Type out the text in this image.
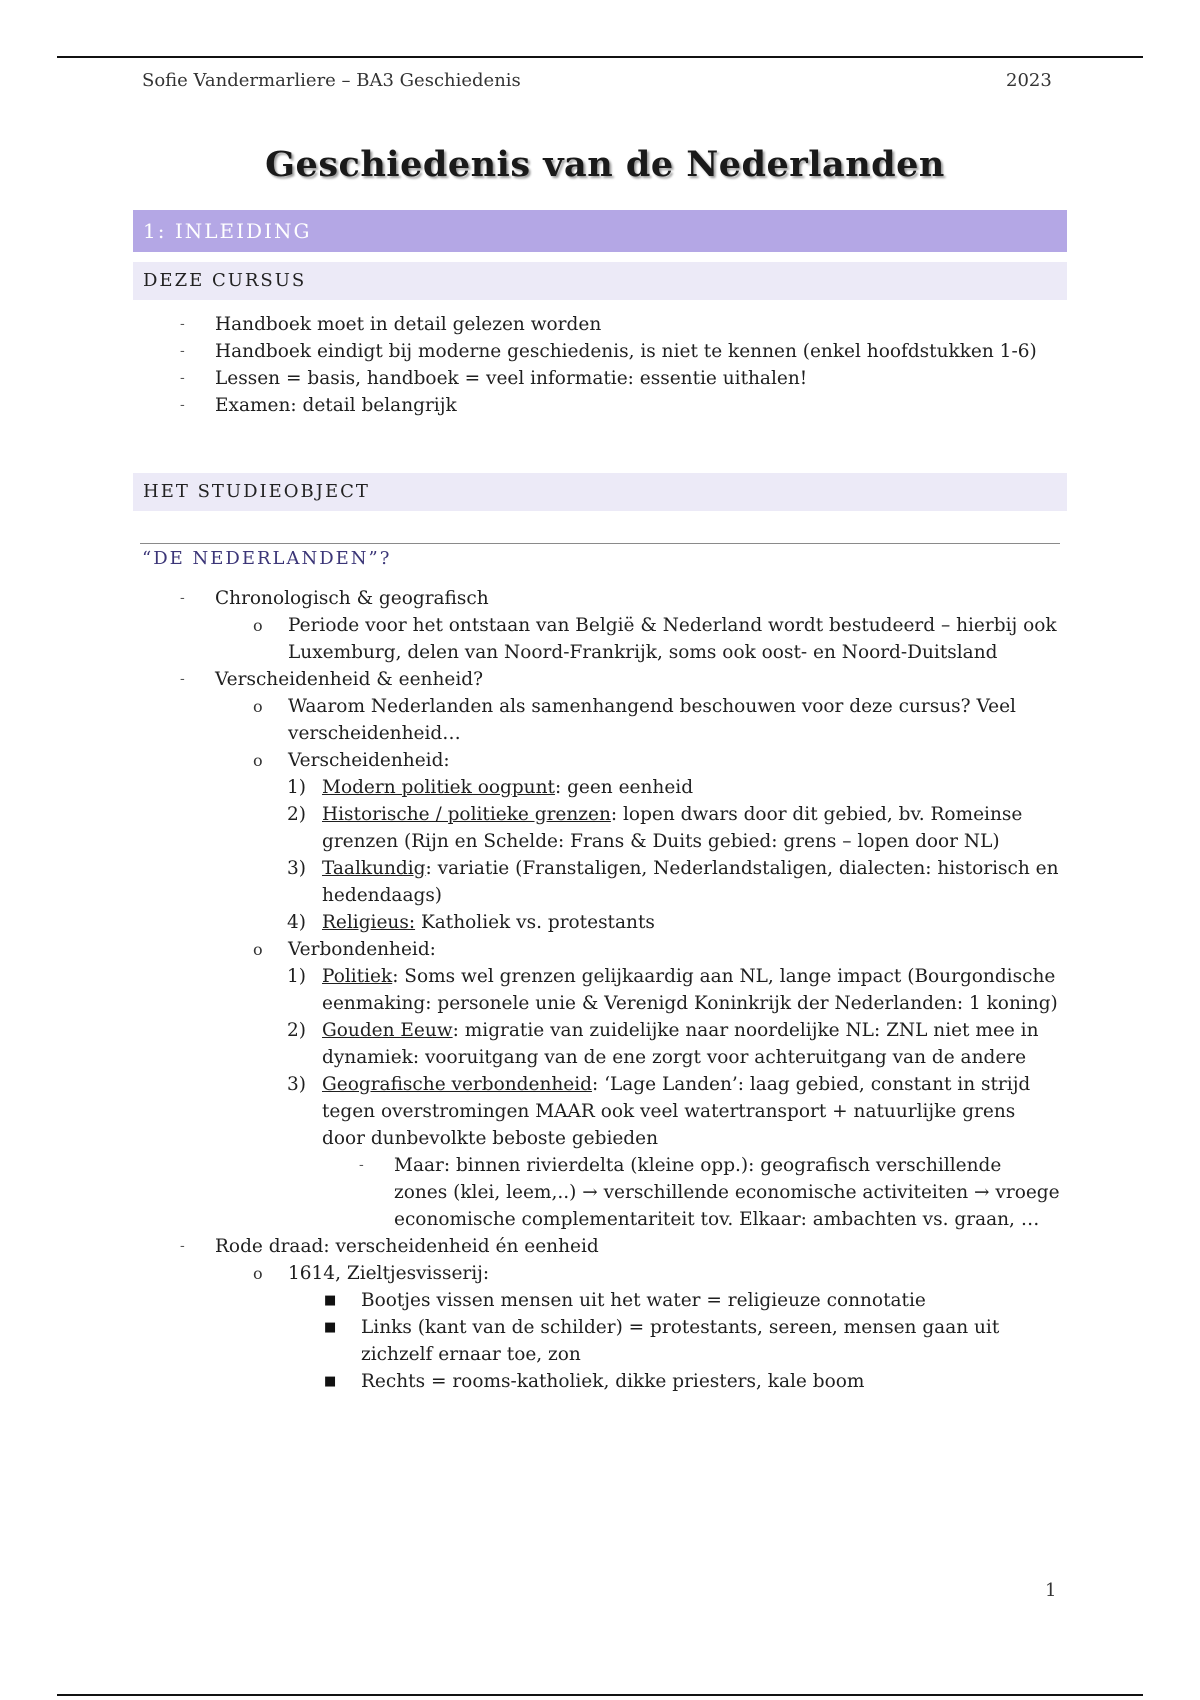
Sofie Vandermarliere – BA3 Geschiedenis	2023
Geschiedenis van de Nederlanden
1: INLEIDING
DEZE CURSUS
- Handboek moet in detail gelezen worden
- Handboek eindigt bij moderne geschiedenis, is niet te kennen (enkel hoofdstukken 1-6)
- Lessen = basis, handboek = veel informatie: essentie uithalen!
- Examen: detail belangrijk
HET STUDIEOBJECT
“DE NEDERLANDEN”?
- Chronologisch & geografisch
o Periode voor het ontstaan van België & Nederland wordt bestudeerd – hierbij ook Luxemburg, delen van Noord-Frankrijk, soms ook oost- en Noord-Duitsland
- Verscheidenheid & eenheid?
o Waarom Nederlanden als samenhangend beschouwen voor deze cursus? Veel verscheidenheid…
o Verscheidenheid:
1) Modern politiek oogpunt: geen eenheid
2) Historische / politieke grenzen: lopen dwars door dit gebied, bv. Romeinse grenzen (Rijn en Schelde: Frans & Duits gebied: grens – lopen door NL)
3) Taalkundig: variatie (Franstaligen, Nederlandstaligen, dialecten: historisch en hedendaags)
4) Religieus: Katholiek vs. protestants
o Verbondenheid:
1) Politiek: Soms wel grenzen gelijkaardig aan NL, lange impact (Bourgondische eenmaking: personele unie & Verenigd Koninkrijk der Nederlanden: 1 koning)
2) Gouden Eeuw: migratie van zuidelijke naar noordelijke NL: ZNL niet mee in dynamiek: vooruitgang van de ene zorgt voor achteruitgang van de andere
3) Geografische verbondenheid: ‘Lage Landen’: laag gebied, constant in strijd tegen overstromingen MAAR ook veel watertransport + natuurlijke grens door dunbevolkte beboste gebieden
- Maar: binnen rivierdelta (kleine opp.): geografisch verschillende zones (klei, leem,..) → verschillende economische activiteiten → vroege economische complementariteit tov. Elkaar: ambachten vs. graan, …
- Rode draad: verscheidenheid én eenheid
o 1614, Zieltjesvisserij:
■ Bootjes vissen mensen uit het water = religieuze connotatie
■ Links (kant van de schilder) = protestants, sereen, mensen gaan uit zichzelf ernaar toe, zon
■ Rechts = rooms-katholiek, dikke priesters, kale boom
1
